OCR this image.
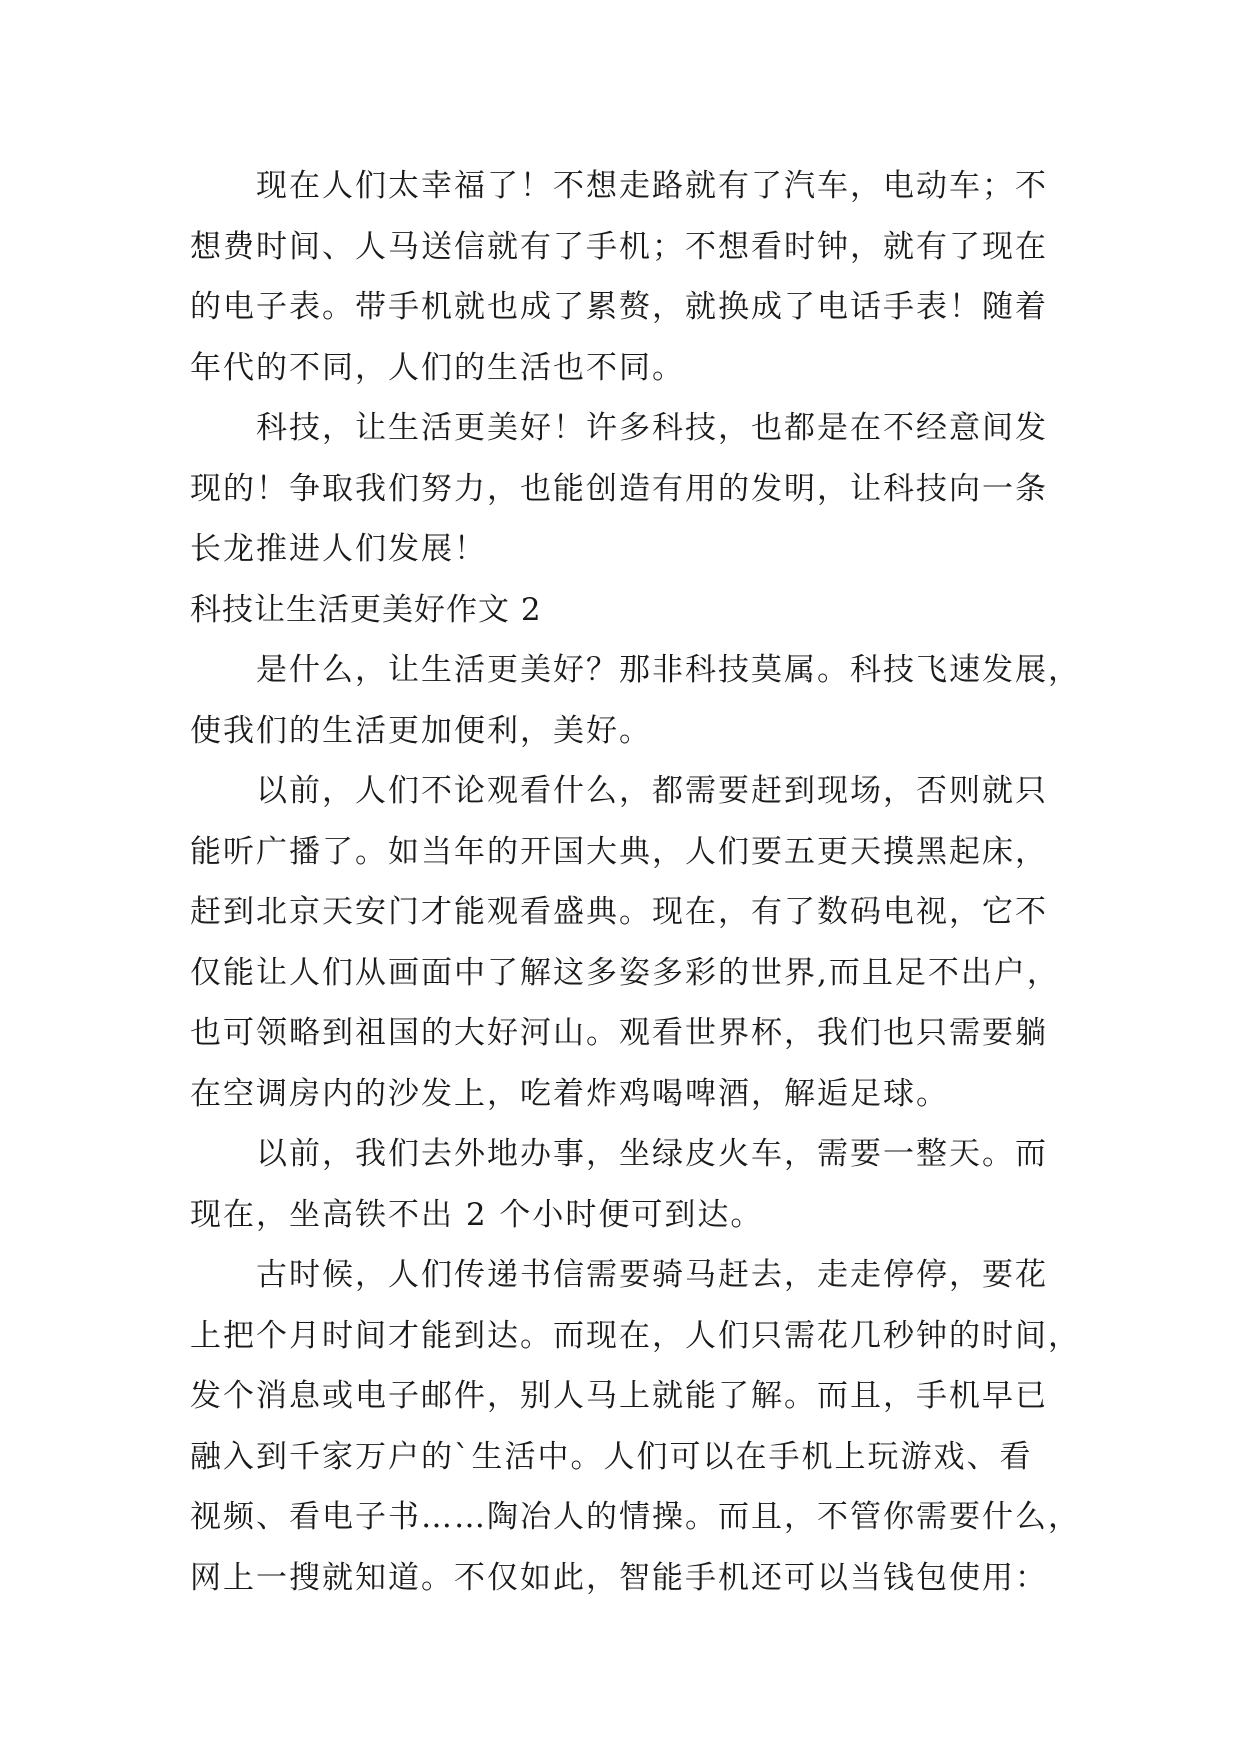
现在人们太幸福了！不想走路就有了汽车，电动车；不
想费时间、人马送信就有了手机；不想看时钟，就有了现在
的电子表。带手机就也成了累赘，就换成了电话手表！随着
年代的不同，人们的生活也不同。
科技，让生活更美好！许多科技，也都是在不经意间发
现的！争取我们努力，也能创造有用的发明，让科技向一条
长龙推进人们发展！
科技让生活更美好作文 2
是什么，让生活更美好？那非科技莫属。科技飞速发展，
使我们的生活更加便利，美好。
以前，人们不论观看什么，都需要赶到现场，否则就只
能听广播了。如当年的开国大典，人们要五更天摸黑起床，
赶到北京天安门才能观看盛典。现在，有了数码电视，它不
仅能让人们从画面中了解这多姿多彩的世界,而且足不出户，
也可领略到祖国的大好河山。观看世界杯，我们也只需要躺
在空调房内的沙发上，吃着炸鸡喝啤酒，解逅足球。
以前，我们去外地办事，坐绿皮火车，需要一整天。而
现在，坐高铁不出 2 个小时便可到达。
古时候，人们传递书信需要骑马赶去，走走停停，要花
上把个月时间才能到达。而现在，人们只需花几秒钟的时间，
发个消息或电子邮件，别人马上就能了解。而且，手机早已
融入到千家万户的`生活中。人们可以在手机上玩游戏、看
视频、看电子书……陶冶人的情操。而且，不管你需要什么，
网上一搜就知道。不仅如此，智能手机还可以当钱包使用：
